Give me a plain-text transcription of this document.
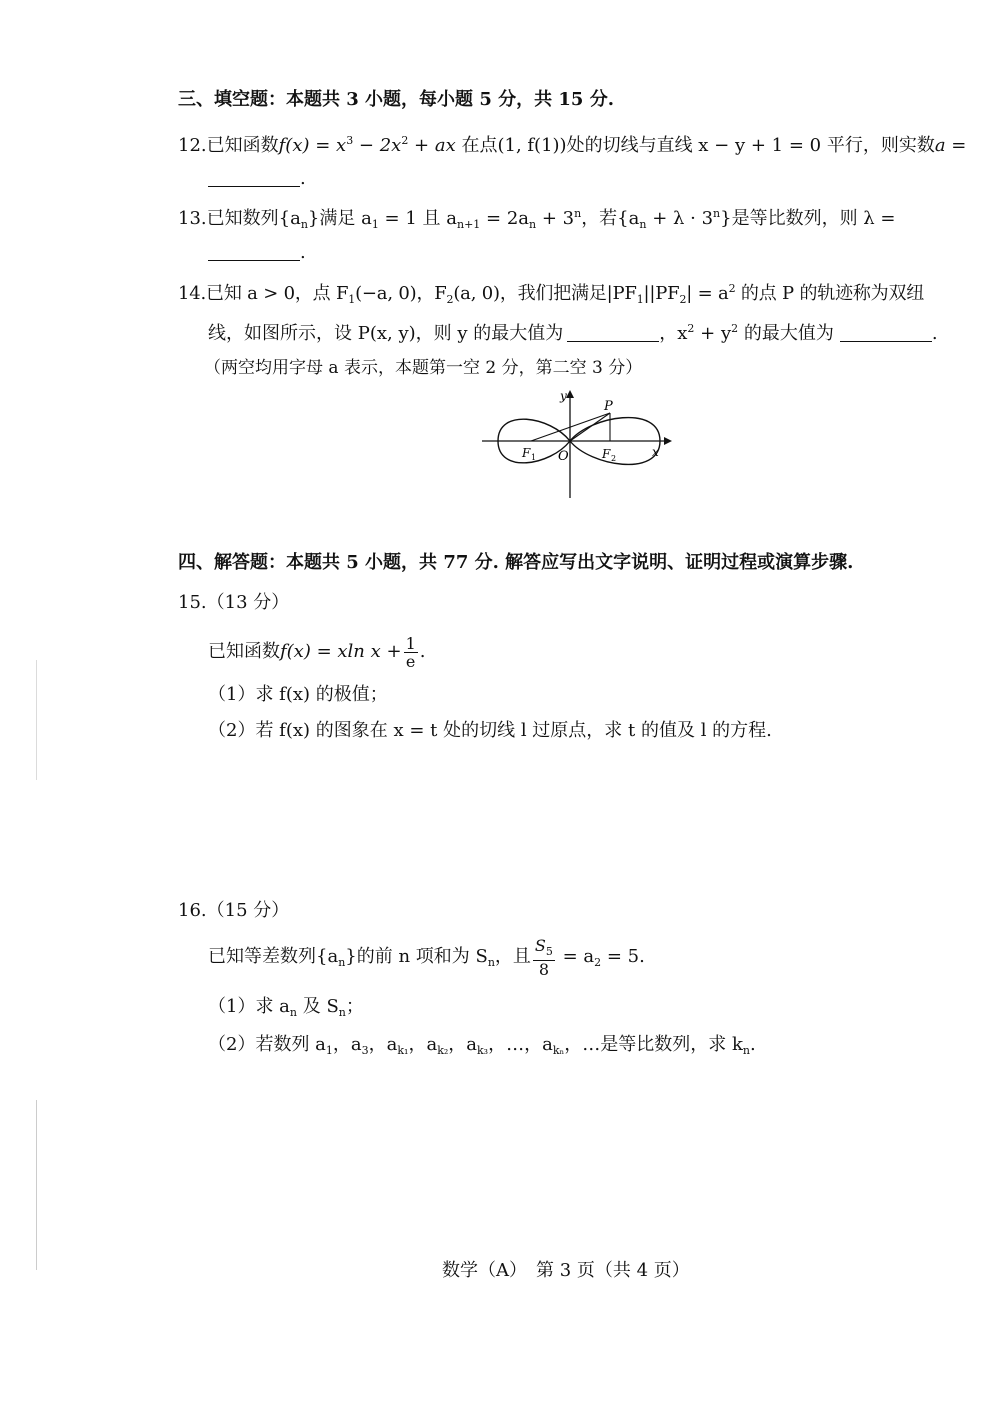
三、填空题：本题共 3 小题，每小题 5 分，共 15 分.
12.已知函数$f(x) = x^3 - 2x^2$ + ax 在点(1, f(1))处的切线与直线 x − y + 1 = 0 平行，则实数a =
.
13.已知数列$\{a_n\}$满足 $a_1 = 1$ 且 $a_{n+1} = 2a_n + 3^n$，若$\{a_n + \lambda \cdot 3^n\}$是等比数列，则 λ =
.
14.已知 a > 0，点 $F_1(-a$, 0)，$F_2(a$, 0)，我们把满足$|PF_1||PF_2| = a^2$ 的点 P 的轨迹称为双纽
线，如图所示，设 P(x, y)，则 y 的最大值为	，$x^2 + y^2$ 的最大值为	.
（两空均用字母 a 表示，本题第一空 2 分，第二空 3 分）
y
x
P
O
F 1	F 2
四、解答题：本题共 5 小题，共 77 分. 解答应写出文字说明、证明过程或演算步骤.
15.（13 分）
已知函数f(x) = xln $x + \frac{1}{e}$ .
（1）求 f(x) 的极值；
（2）若 f(x) 的图象在 x = t 处的切线 l 过原点，求 t 的值及 l 的方程.
16.（15 分）
已知等差数列$\{a_n\}$的前 n 项和为 $S_n$，且 $\frac{S_5}{8} = a_2 = 5$.
（1）求 $a_n$ 及 $S_n$；
（2）若数列 $a_1$，$a_3$，$a_{k_1}$，$a_{k_2}$，$a_{k_3}$，…，$a_{k_n}$，…是等比数列，求 $k_n$.
数学（A）　第 3 页（共 4 页）
